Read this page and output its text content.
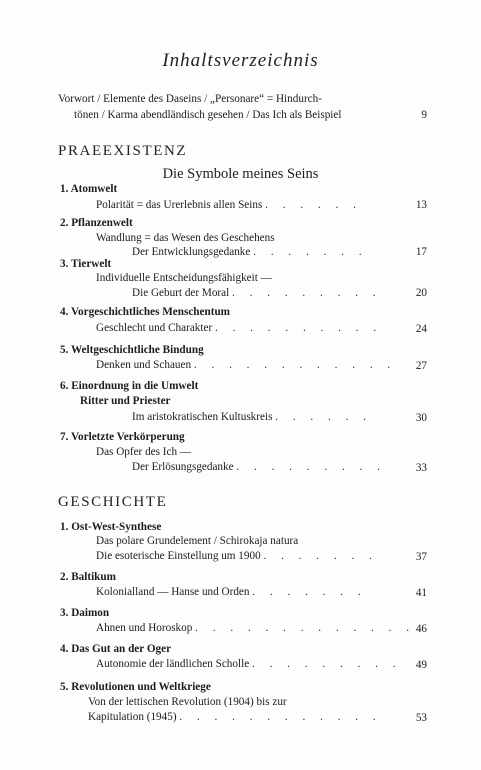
Inhaltsverzeichnis
Vorwort / Elemente des Daseins / „Personare“ = Hindurch-
tönen / Karma abendländisch gesehen / Das Ich als Beispiel	9
PRAEEXISTENZ
Die Symbole meines Seins
1. Atomwelt
Polarität = das Urerlebnis allen Seins . . . . . .	13
2. Pflanzenwelt
Wandlung = das Wesen des Geschehens
Der Entwicklungsgedanke . . . . . . .	17
3. Tierwelt
Individuelle Entscheidungsfähigkeit —
Die Geburt der Moral . . . . . . . . .	20
4. Vorgeschichtliches Menschentum
Geschlecht und Charakter . . . . . . . . . .	24
5. Weltgeschichtliche Bindung
Denken und Schauen . . . . . . . . . . . . 27
6. Einordnung in die Umwelt
Ritter und Priester
Im aristokratischen Kultuskreis . . . . . .	30
7. Vorletzte Verkörperung
Das Opfer des Ich —
Der Erlösungsgedanke . . . . . . . . .	33
GESCHICHTE
1. Ost-West-Synthese
Das polare Grundelement / Schirokaja natura
Die esoterische Einstellung um 1900 . . . . . . .	37
2. Baltikum
Kolonialland — Hanse und Orden . . . . . . .	41
3. Daimon
Ahnen und Horoskop . . . . . . . . . . . . . 46
4. Das Gut an der Oger
Autonomie der ländlichen Scholle . . . . . . . . . 49
5. Revolutionen und Weltkriege
Von der lettischen Revolution (1904) bis zur
Kapitulation (1945) . . . . . . . . . . . .	53
